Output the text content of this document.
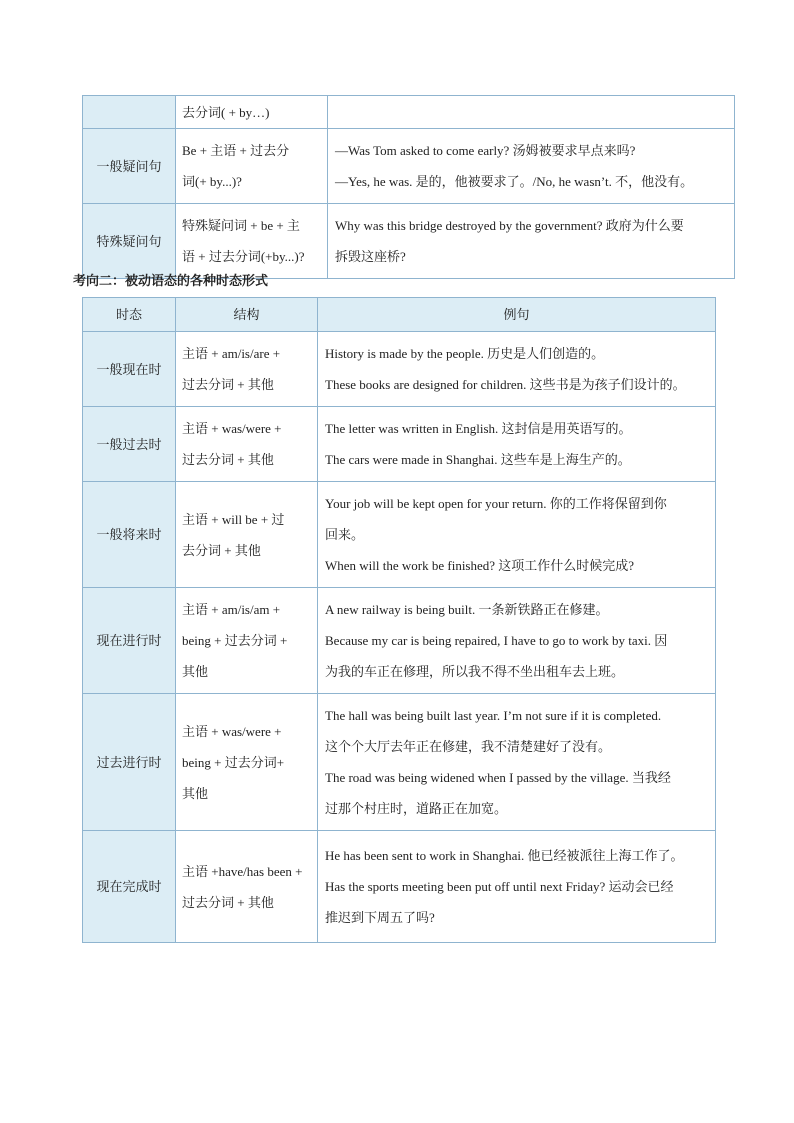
	去分词( + by…)	

一般疑问句	Be + 主语 + 过去分
词(+ by...)?	—Was Tom asked to come early? 汤姆被要求早点来吗?
—Yes, he was. 是的，他被要求了。/No, he wasn’t. 不，他没有。

特殊疑问句	特殊疑问词 + be + 主
语 + 过去分词(+by...)?	Why was this bridge destroyed by the government? 政府为什么要
拆毁这座桥?
考向二：被动语态的各种时态形式
时态	结构	例句
一般现在时	主语 + am/is/are +
过去分词 + 其他	History is made by the people. 历史是人们创造的。
These books are designed for children. 这些书是为孩子们设计的。

一般过去时	主语 + was/were +
过去分词 + 其他	The letter was written in English. 这封信是用英语写的。
The cars were made in Shanghai. 这些车是上海生产的。

一般将来时	主语 + will be + 过
去分词 + 其他	Your job will be kept open for your return. 你的工作将保留到你
回来。
When will the work be finished? 这项工作什么时候完成?

现在进行时	主语 + am/is/am +
being + 过去分词 +
其他	A new railway is being built. 一条新铁路正在修建。
Because my car is being repaired, I have to go to work by taxi. 因
为我的车正在修理，所以我不得不坐出租车去上班。

过去进行时	主语 + was/were +
being + 过去分词+
其他	The hall was being built last year. I’m not sure if it is completed.
这个个大厅去年正在修建，我不清楚建好了没有。
The road was being widened when I passed by the village. 当我经
过那个村庄时，道路正在加宽。

现在完成时	主语 +have/has been +
过去分词 + 其他	He has been sent to work in Shanghai. 他已经被派往上海工作了。
Has the sports meeting been put off until next Friday? 运动会已经
推迟到下周五了吗?
